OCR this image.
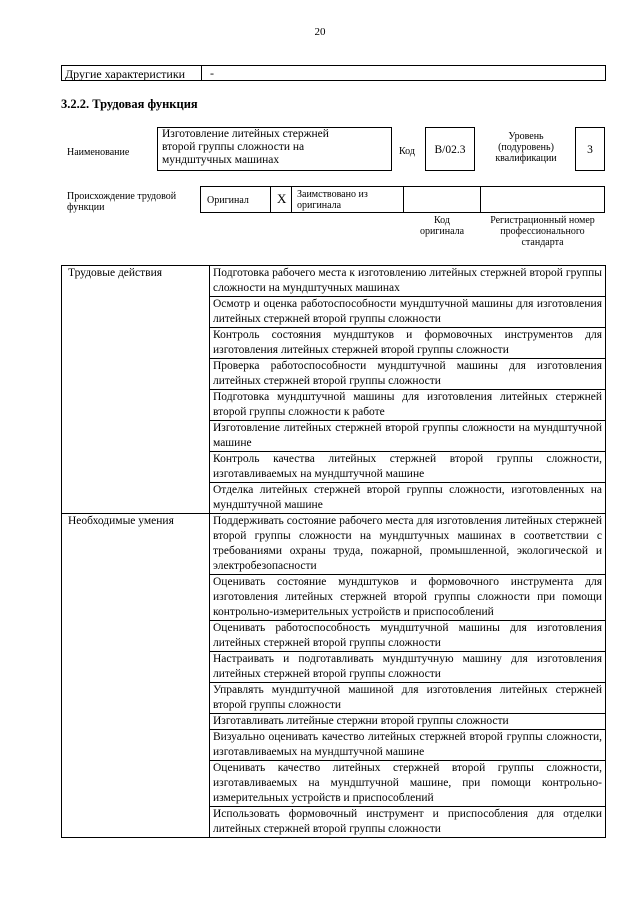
20
Другие характеристики -
3.2.2. Трудовая функция
Наименование
Изготовление литейных стержней
второй группы сложности на
мундштучных машинах
Код	B/02.3
Уровень
(подуровень)
квалификации
3
Происхождение трудовой
функции
Оригинал X Заимствовано из
оригинала
Код
оригинала
Регистрационный номер
профессионального
стандарта
Трудовые действия	Подготовка рабочего места к изготовлению литейных стержней второй группы сложности на мундштучных машинах
	Осмотр и оценка работоспособности мундштучной машины для изготовления литейных стержней второй группы сложности
	Контроль состояния мундштуков и формовочных инструментов для изготовления литейных стержней второй группы сложности
	Проверка работоспособности мундштучной машины для изготовления литейных стержней второй группы сложности
	Подготовка мундштучной машины для изготовления литейных стержней второй группы сложности к работе
	Изготовление литейных стержней второй группы сложности на мундштучной машине
	Контроль качества литейных стержней второй группы сложности, изготавливаемых на мундштучной машине
	Отделка литейных стержней второй группы сложности, изготовленных на мундштучной машине
Необходимые умения	Поддерживать состояние рабочего места для изготовления литейных стержней второй группы сложности на мундштучных машинах в соответствии с требованиями охраны труда, пожарной, промышленной, экологической и электробезопасности
	Оценивать состояние мундштуков и формовочного инструмента для изготовления литейных стержней второй группы сложности при помощи контрольно-измерительных устройств и приспособлений
	Оценивать работоспособность мундштучной машины для изготовления литейных стержней второй группы сложности
	Настраивать и подготавливать мундштучную машину для изготовления литейных стержней второй группы сложности
	Управлять мундштучной машиной для изготовления литейных стержней второй группы сложности
	Изготавливать литейные стержни второй группы сложности
	Визуально оценивать качество литейных стержней второй группы сложности, изготавливаемых на мундштучной машине
	Оценивать качество литейных стержней второй группы сложности, изготавливаемых на мундштучной машине, при помощи контрольно-измерительных устройств и приспособлений
	Использовать формовочный инструмент и приспособления для отделки литейных стержней второй группы сложности
